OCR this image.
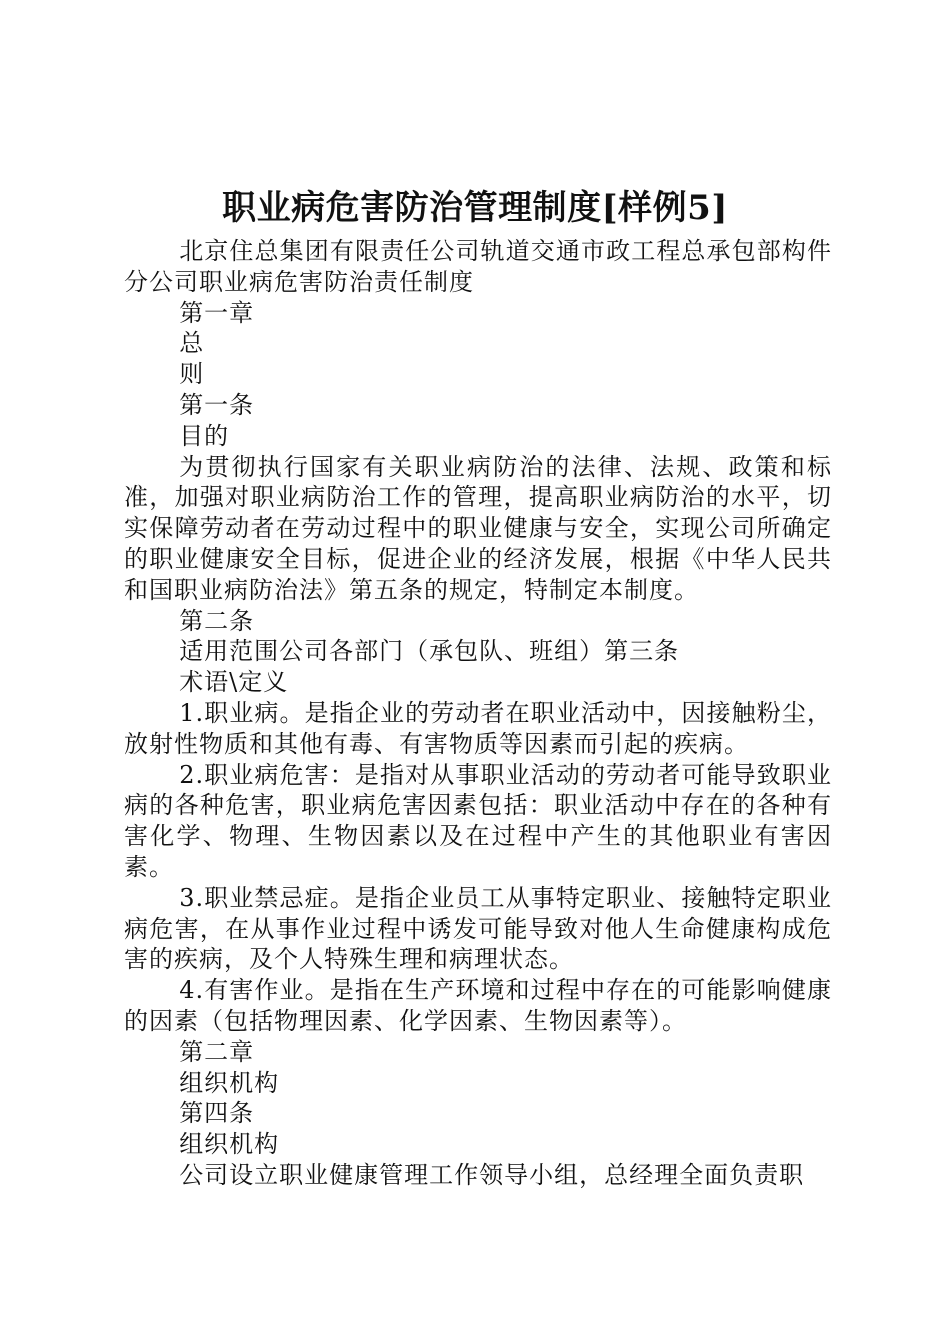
职业病危害防治管理制度[样例5]

北京住总集团有限责任公司轨道交通市政工程总承包部构件分公司职业病危害防治责任制度

第一章

总

则

第一条

目的

为贯彻执行国家有关职业病防治的法律、法规、政策和标准，加强对职业病防治工作的管理，提高职业病防治的水平，切实保障劳动者在劳动过程中的职业健康与安全，实现公司所确定的职业健康安全目标，促进企业的经济发展，根据《中华人民共和国职业病防治法》第五条的规定，特制定本制度。

第二条

适用范围公司各部门（承包队、班组）第三条

术语\定义

1.职业病。是指企业的劳动者在职业活动中，因接触粉尘，放射性物质和其他有毒、有害物质等因素而引起的疾病。

2.职业病危害：是指对从事职业活动的劳动者可能导致职业病的各种危害，职业病危害因素包括：职业活动中存在的各种有害化学、物理、生物因素以及在过程中产生的其他职业有害因素。

3.职业禁忌症。是指企业员工从事特定职业、接触特定职业病危害，在从事作业过程中诱发可能导致对他人生命健康构成危害的疾病，及个人特殊生理和病理状态。

4.有害作业。是指在生产环境和过程中存在的可能影响健康的因素（包括物理因素、化学因素、生物因素等）。

第二章

组织机构

第四条

组织机构

公司设立职业健康管理工作领导小组，总经理全面负责职
